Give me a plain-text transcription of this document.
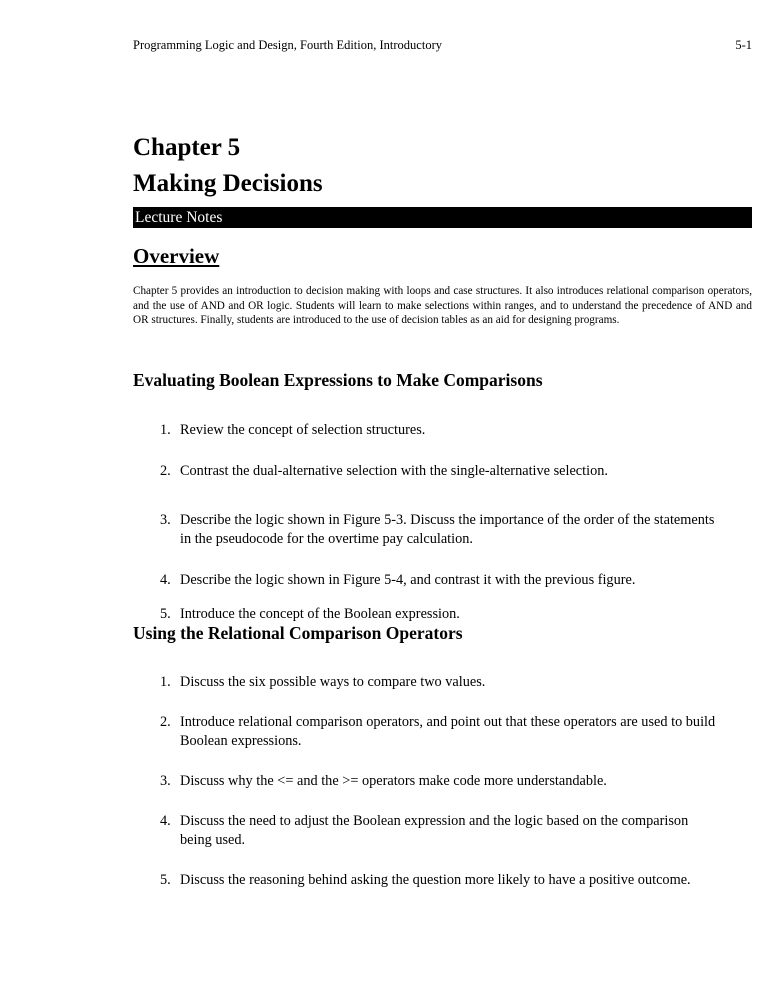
Programming Logic and Design, Fourth Edition, Introductory	5-1
Chapter 5
Making Decisions
Lecture Notes
Overview
Chapter 5 provides an introduction to decision making with loops and case structures. It also introduces relational comparison operators, and the use of AND and OR logic. Students will learn to make selections within ranges, and to understand the precedence of AND and OR structures. Finally, students are introduced to the use of decision tables as an aid for designing programs.
Evaluating Boolean Expressions to Make Comparisons
1. Review the concept of selection structures.
2. Contrast the dual-alternative selection with the single-alternative selection.
3. Describe the logic shown in Figure 5-3. Discuss the importance of the order of the statements in the pseudocode for the overtime pay calculation.
4. Describe the logic shown in Figure 5-4, and contrast it with the previous figure.
5. Introduce the concept of the Boolean expression.
Using the Relational Comparison Operators
1. Discuss the six possible ways to compare two values.
2. Introduce relational comparison operators, and point out that these operators are used to build Boolean expressions.
3. Discuss why the <= and the >= operators make code more understandable.
4. Discuss the need to adjust the Boolean expression and the logic based on the comparison being used.
5. Discuss the reasoning behind asking the question more likely to have a positive outcome.
